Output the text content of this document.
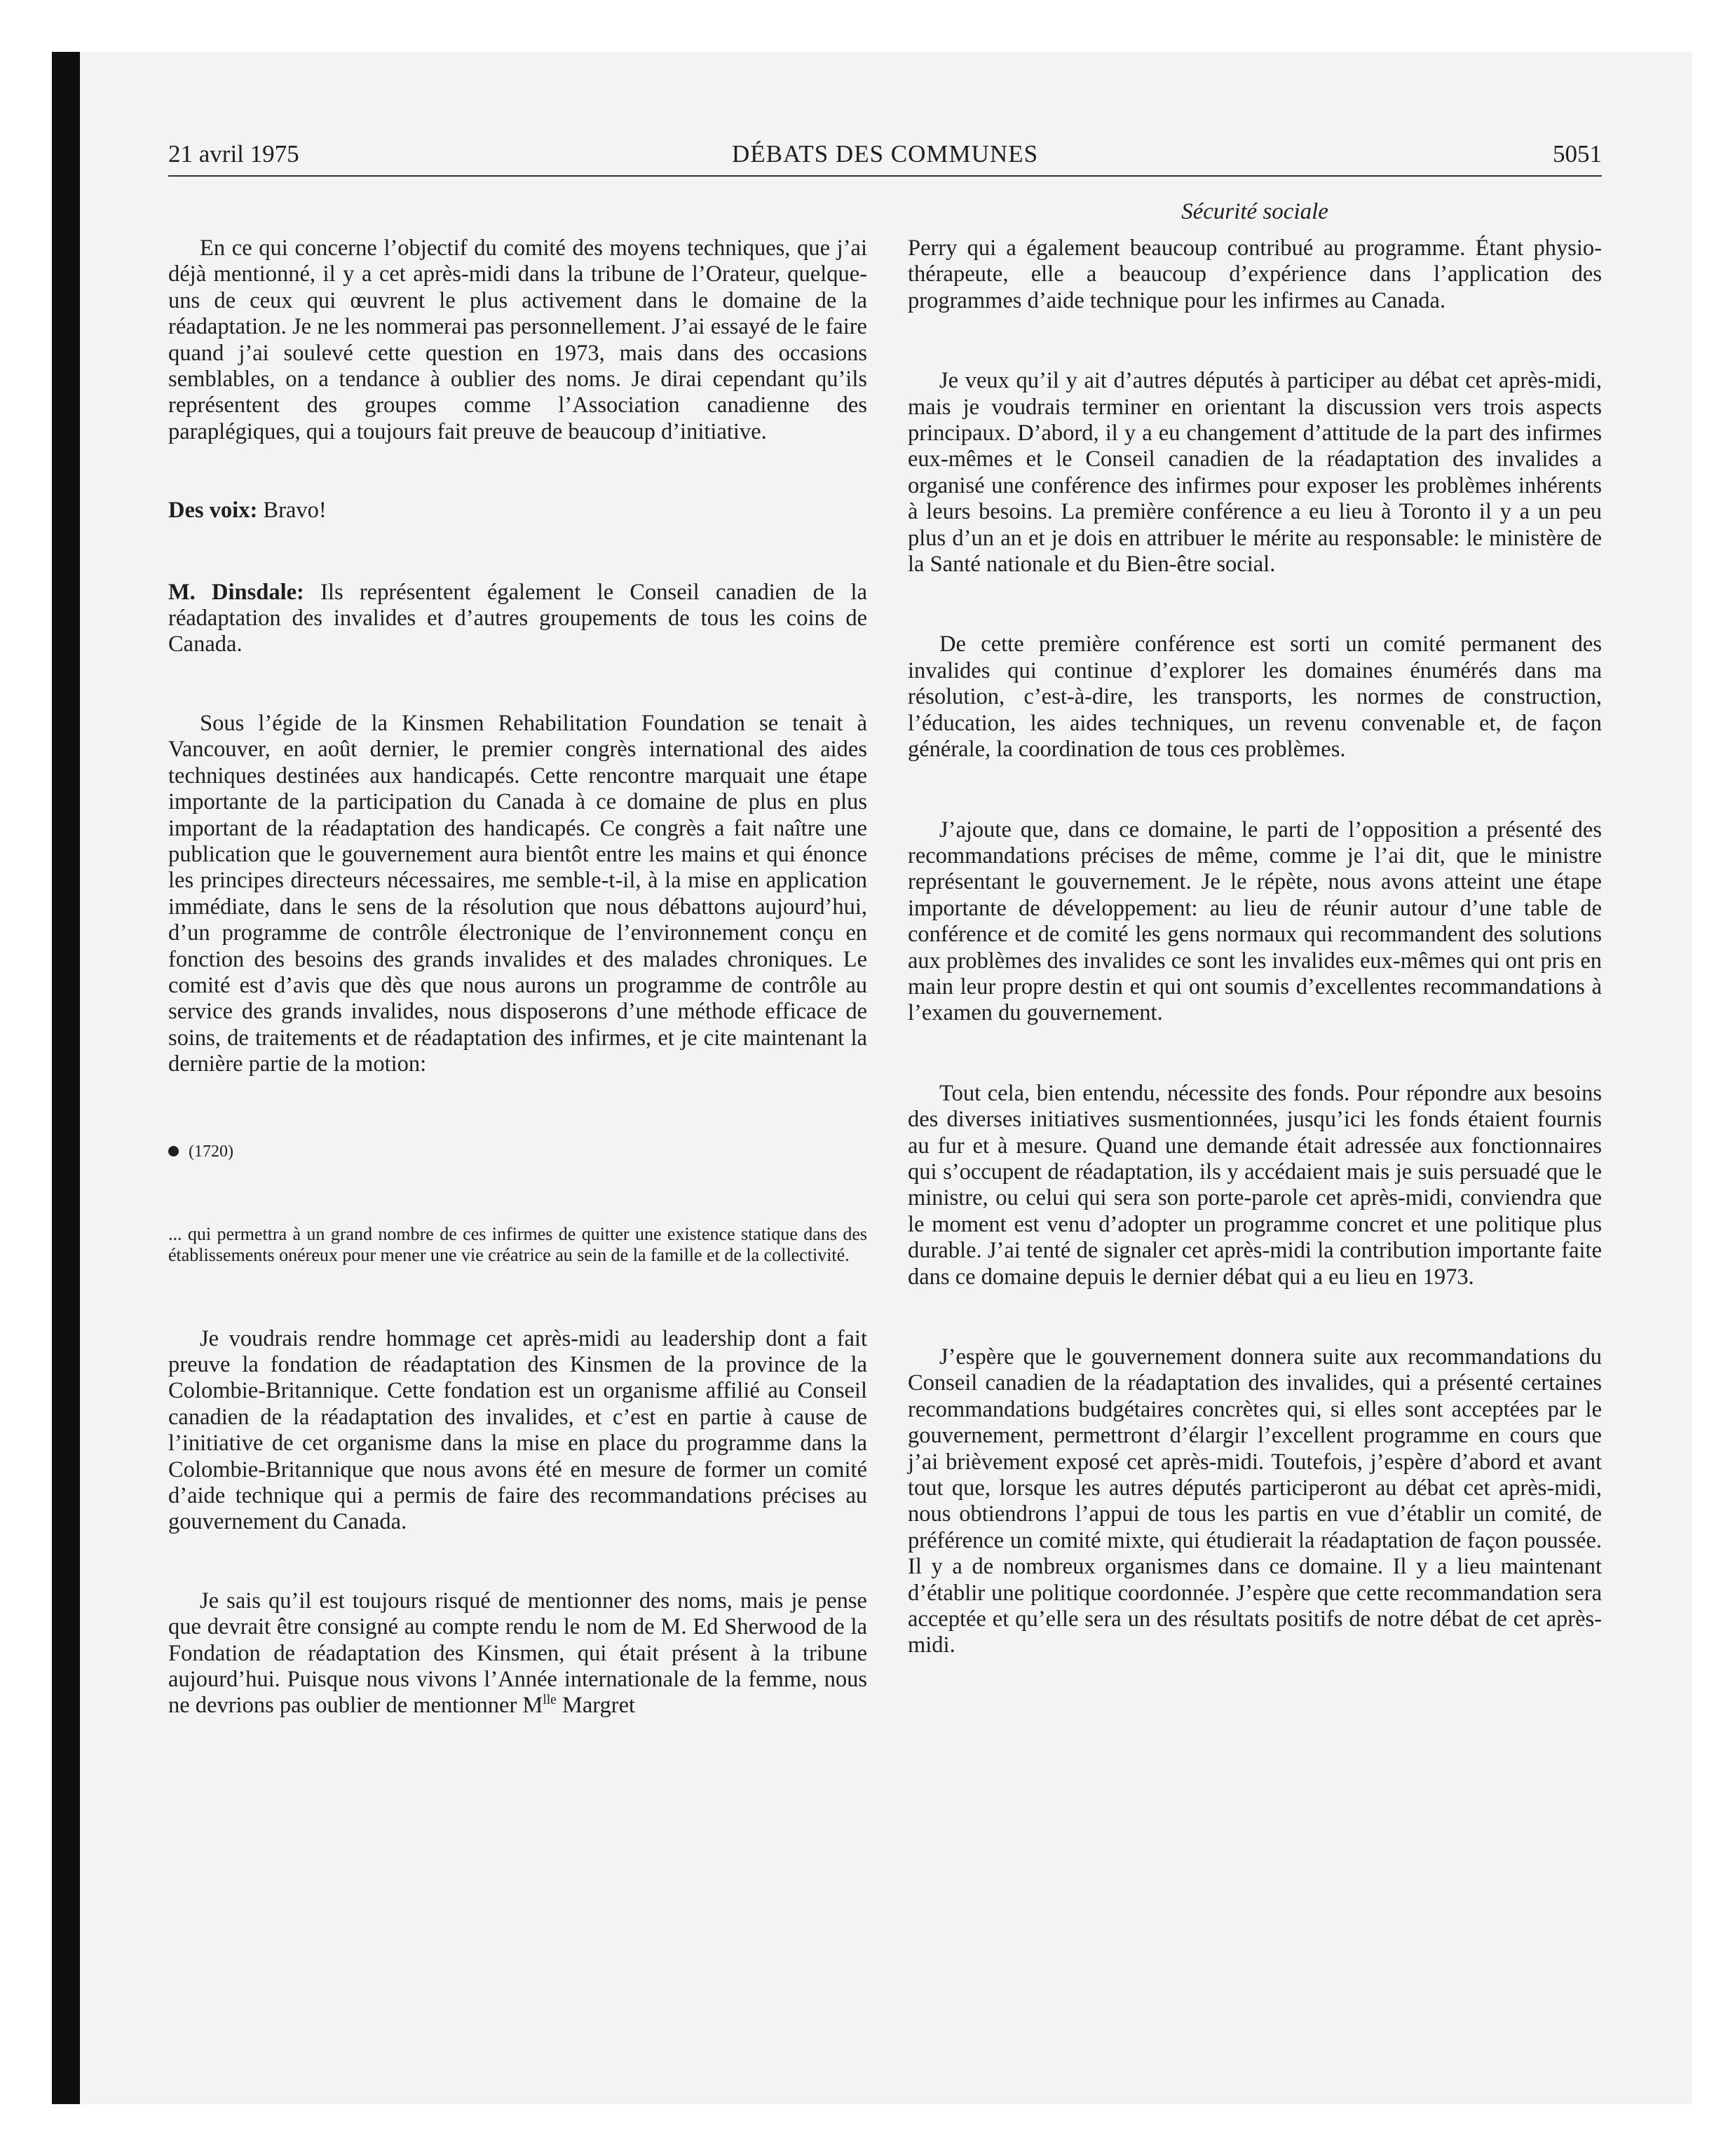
21 avril 1975	DÉBATS DES COMMUNES	5051
Sécurité sociale

En ce qui concerne l’objectif du comité des moyens techniques, que j’ai déjà mentionné, il y a cet après-midi dans la tribune de l’Orateur, quelque-uns de ceux qui œuvrent le plus activement dans le domaine de la réadaptation. Je ne les nommerai pas personnellement. J’ai essayé de le faire quand j’ai soulevé cette question en 1973, mais dans des occasions semblables, on a tendance à oublier des noms. Je dirai cependant qu’ils représentent des groupes comme l’Association canadienne des paraplégiques, qui a toujours fait preuve de beaucoup d’initiative.

Des voix: Bravo!

M. Dinsdale: Ils représentent également le Conseil canadien de la réadaptation des invalides et d’autres groupements de tous les coins de Canada.

Sous l’égide de la Kinsmen Rehabilitation Foundation se tenait à Vancouver, en août dernier, le premier congrès international des aides techniques destinées aux handicapés. Cette rencontre marquait une étape importante de la participation du Canada à ce domaine de plus en plus important de la réadaptation des handicapés. Ce congrès a fait naître une publication que le gouvernement aura bientôt entre les mains et qui énonce les principes directeurs nécessaires, me semble-t-il, à la mise en application immédiate, dans le sens de la résolution que nous débattons aujourd’hui, d’un programme de contrôle électronique de l’environnement conçu en fonction des besoins des grands invalides et des malades chroniques. Le comité est d’avis que dès que nous aurons un programme de contrôle au service des grands invalides, nous disposerons d’une méthode efficace de soins, de traitements et de réadaptation des infirmes, et je cite maintenant la dernière partie de la motion:

(1720)

... qui permettra à un grand nombre de ces infirmes de quitter une existence statique dans des établissements onéreux pour mener une vie créatrice au sein de la famille et de la collectivité.

Je voudrais rendre hommage cet après-midi au leadership dont a fait preuve la fondation de réadaptation des Kinsmen de la province de la Colombie-Britannique. Cette fondation est un organisme affilié au Conseil canadien de la réadaptation des invalides, et c’est en partie à cause de l’initiative de cet organisme dans la mise en place du programme dans la Colombie-Britannique que nous avons été en mesure de former un comité d’aide technique qui a permis de faire des recommandations précises au gouvernement du Canada.

Je sais qu’il est toujours risqué de mentionner des noms, mais je pense que devrait être consigné au compte rendu le nom de M. Ed Sherwood de la Fondation de réadaptation des Kinsmen, qui était présent à la tribune aujourd’hui. Puisque nous vivons l’Année internationale de la femme, nous ne devrions pas oublier de mentionner $M^{lle}$ Margret

Perry qui a également beaucoup contribué au programme. Étant physio-thérapeute, elle a beaucoup d’expérience dans l’application des programmes d’aide technique pour les infirmes au Canada.

Je veux qu’il y ait d’autres députés à participer au débat cet après-midi, mais je voudrais terminer en orientant la discussion vers trois aspects principaux. D’abord, il y a eu changement d’attitude de la part des infirmes eux-mêmes et le Conseil canadien de la réadaptation des invalides a organisé une conférence des infirmes pour exposer les problèmes inhérents à leurs besoins. La première conférence a eu lieu à Toronto il y a un peu plus d’un an et je dois en attribuer le mérite au responsable: le ministère de la Santé nationale et du Bien-être social.

De cette première conférence est sorti un comité permanent des invalides qui continue d’explorer les domaines énumérés dans ma résolution, c’est-à-dire, les transports, les normes de construction, l’éducation, les aides techniques, un revenu convenable et, de façon générale, la coordination de tous ces problèmes.

J’ajoute que, dans ce domaine, le parti de l’opposition a présenté des recommandations précises de même, comme je l’ai dit, que le ministre représentant le gouvernement. Je le répète, nous avons atteint une étape importante de développement: au lieu de réunir autour d’une table de conférence et de comité les gens normaux qui recommandent des solutions aux problèmes des invalides ce sont les invalides eux-mêmes qui ont pris en main leur propre destin et qui ont soumis d’excellentes recommandations à l’examen du gouvernement.

Tout cela, bien entendu, nécessite des fonds. Pour répondre aux besoins des diverses initiatives susmentionnées, jusqu’ici les fonds étaient fournis au fur et à mesure. Quand une demande était adressée aux fonctionnaires qui s’occupent de réadaptation, ils y accédaient mais je suis persuadé que le ministre, ou celui qui sera son porte-parole cet après-midi, conviendra que le moment est venu d’adopter un programme concret et une politique plus durable. J’ai tenté de signaler cet après-midi la contribution importante faite dans ce domaine depuis le dernier débat qui a eu lieu en 1973.

J’espère que le gouvernement donnera suite aux recommandations du Conseil canadien de la réadaptation des invalides, qui a présenté certaines recommandations budgétaires concrètes qui, si elles sont acceptées par le gouvernement, permettront d’élargir l’excellent programme en cours que j’ai brièvement exposé cet après-midi. Toutefois, j’espère d’abord et avant tout que, lorsque les autres députés participeront au débat cet après-midi, nous obtiendrons l’appui de tous les partis en vue d’établir un comité, de préférence un comité mixte, qui étudierait la réadaptation de façon poussée. Il y a de nombreux organismes dans ce domaine. Il y a lieu maintenant d’établir une politique coordonnée. J’espère que cette recommandation sera acceptée et qu’elle sera un des résultats positifs de notre débat de cet après-midi.
